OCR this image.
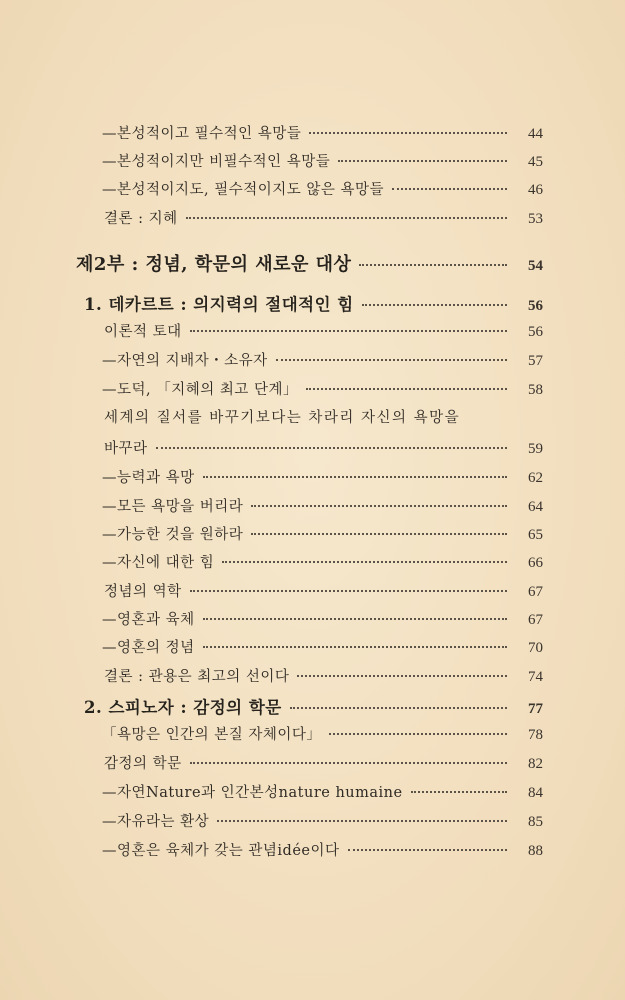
—본성적이고 필수적인 욕망들	44
—본성적이지만 비필수적인 욕망들	45
—본성적이지도, 필수적이지도 않은 욕망들	46
결론 : 지혜	53
제2부 : 정념, 학문의 새로운 대상	54
1. 데카르트 : 의지력의 절대적인 힘	56
이론적 토대	56
—자연의 지배자・소유자	57
—도덕, 「지혜의 최고 단계」	58
세계의 질서를 바꾸기보다는 차라리 자신의 욕망을
바꾸라	59
—능력과 욕망	62
—모든 욕망을 버리라	64
—가능한 것을 원하라	65
—자신에 대한 힘	66
정념의 역학	67
—영혼과 육체	67
—영혼의 정념	70
결론 : 관용은 최고의 선이다	74
2. 스피노자 : 감정의 학문	77
「욕망은 인간의 본질 자체이다」	78
감정의 학문	82
—자연Nature과 인간본성nature humaine	84
—자유라는 환상	85
—영혼은 육체가 갖는 관념idée이다	88
